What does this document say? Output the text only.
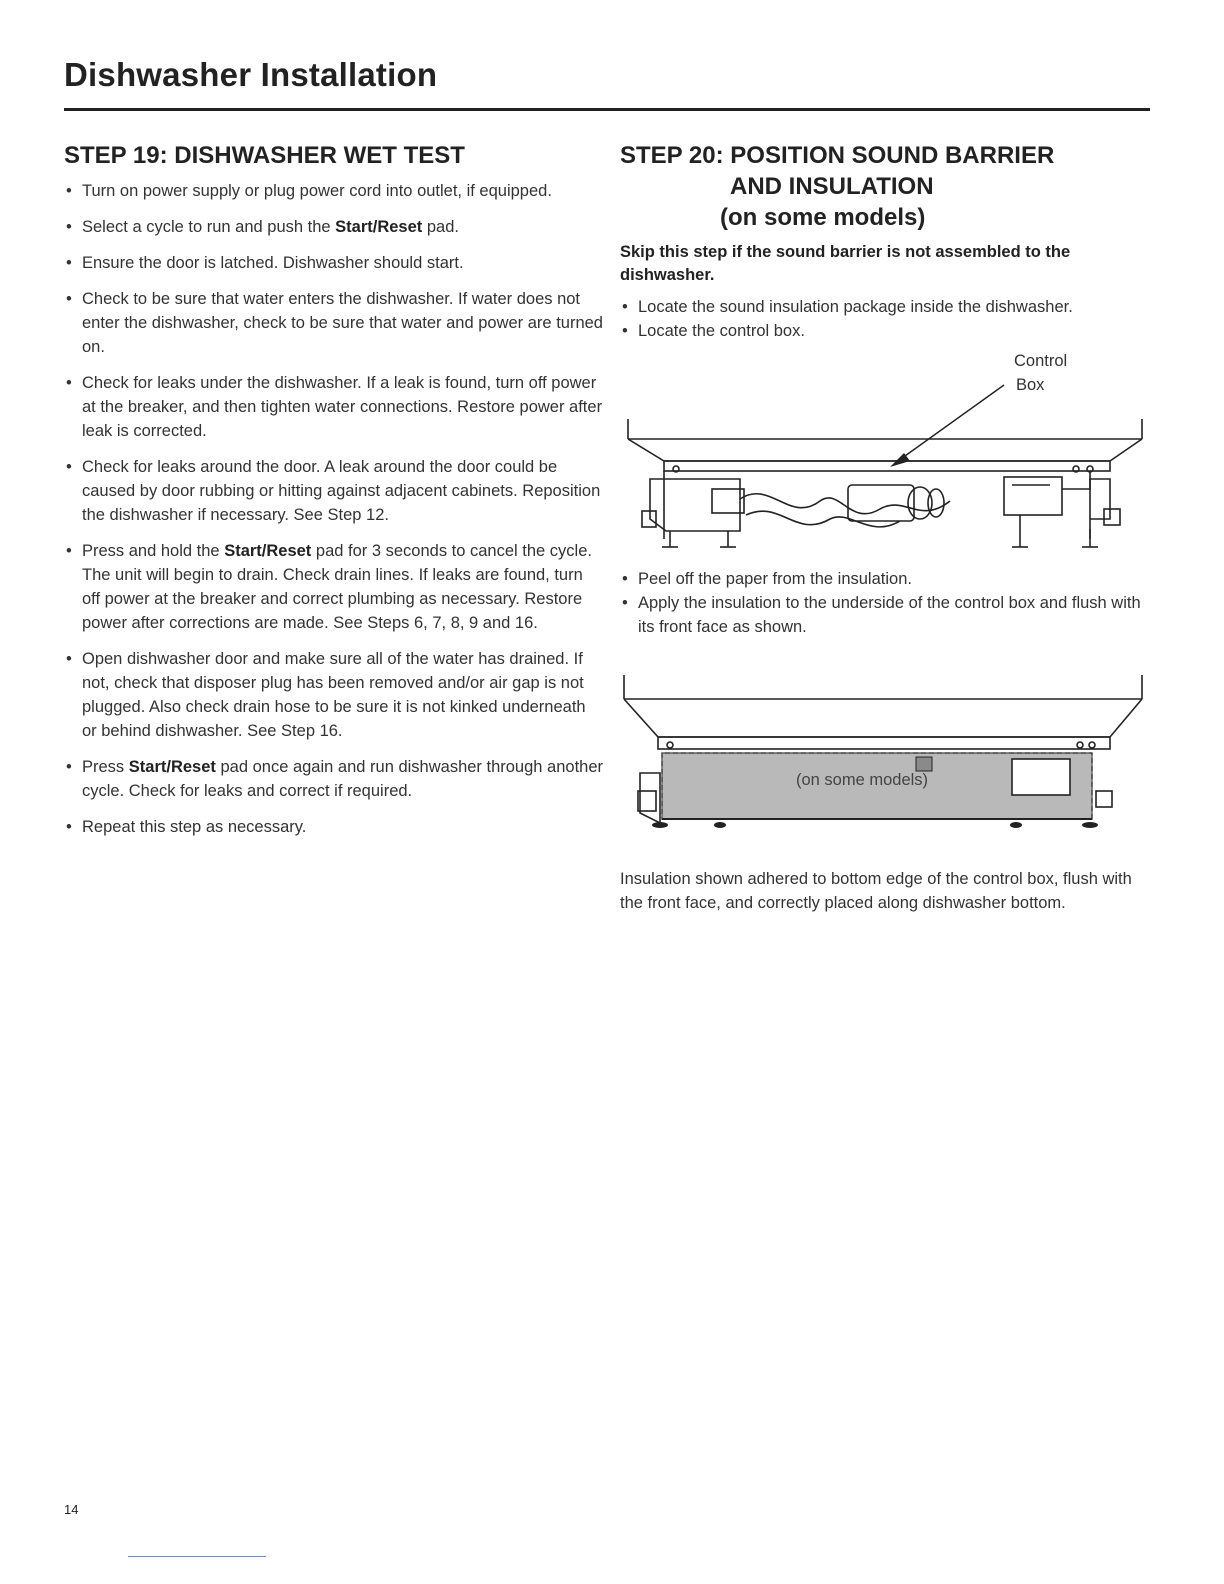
Dishwasher Installation
STEP 19: DISHWASHER WET TEST
• Turn on power supply or plug power cord into outlet, if equipped.
• Select a cycle to run and push the Start/Reset pad.
• Ensure the door is latched. Dishwasher should start.
• Check to be sure that water enters the dishwasher. If water does not enter the dishwasher, check to be sure that water and power are turned on.
• Check for leaks under the dishwasher. If a leak is found, turn off power at the breaker, and then tighten water connections. Restore power after leak is corrected.
• Check for leaks around the door. A leak around the door could be caused by door rubbing or hitting against adjacent cabinets. Reposition the dishwasher if necessary. See Step 12.
• Press and hold the Start/Reset pad for 3 seconds to cancel the cycle. The unit will begin to drain. Check drain lines. If leaks are found, turn off power at the breaker and correct plumbing as necessary. Restore power after corrections are made. See Steps 6, 7, 8, 9 and 16.
• Open dishwasher door and make sure all of the water has drained. If not, check that disposer plug has been removed and/or air gap is not plugged. Also check drain hose to be sure it is not kinked underneath or behind dishwasher. See Step 16.
• Press Start/Reset pad once again and run dishwasher through another cycle. Check for leaks and correct if required.
• Repeat this step as necessary.
STEP 20: POSITION SOUND BARRIER
AND INSULATION
(on some models)
Skip this step if the sound barrier is not assembled to the dishwasher.
• Locate the sound insulation package inside the dishwasher.
• Locate the control box.
Control
Box
• Peel off the paper from the insulation.
• Apply the insulation to the underside of the control box and flush with its front face as shown.
(on some models)
Insulation shown adhered to bottom edge of the control box, flush with the front face, and correctly placed along dishwasher bottom.
14
